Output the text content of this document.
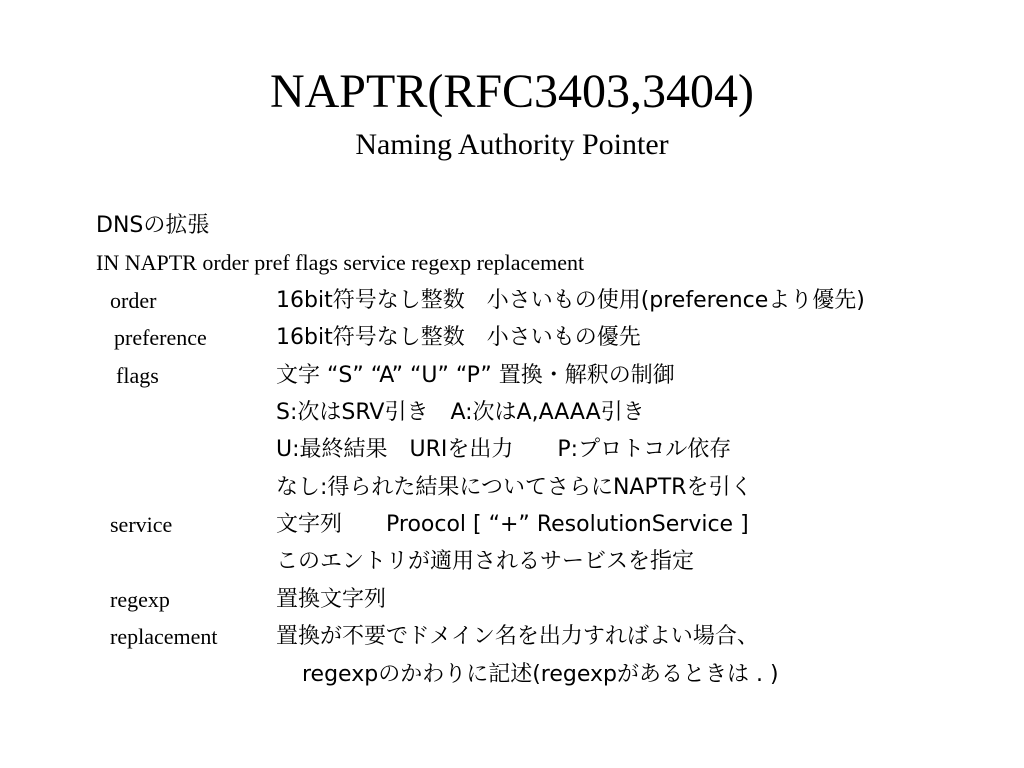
NAPTR(RFC3403,3404)
Naming Authority Pointer
DNSの拡張
IN NAPTR order pref flags service regexp replacement
order	16bit符号なし整数　小さいもの使用(preferenceより優先)
preference	16bit符号なし整数　小さいもの優先
flags	文字 “S” “A” “U” “P” 置換・解釈の制御
S:次はSRV引き　A:次はA,AAAA引き
U:最終結果　URIを出力　　P:プロトコル依存
なし:得られた結果についてさらにNAPTRを引く
service	文字列　　Proocol [ “+” ResolutionService ]
このエントリが適用されるサービスを指定
regexp	置換文字列
replacement	置換が不要でドメイン名を出力すればよい場合、
regexpのかわりに記述(regexpがあるときは . )
